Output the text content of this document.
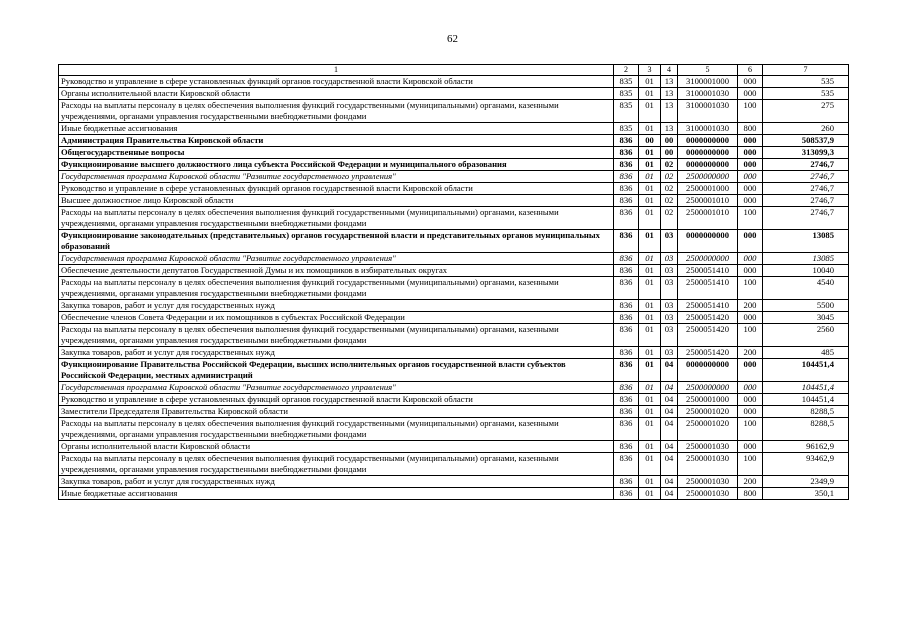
62
1	2	3	4	5	6	7
Руководство и управление в сфере установленных функций органов государственной власти Кировской области	835	01	13	3100001000	000	535
Органы исполнительной власти Кировской области	835	01	13	3100001030	000	535
Расходы на выплаты персоналу в целях обеспечения выполнения функций государственными (муниципальными) органами, казенными учреждениями, органами управления государственными внебюджетными фондами	835	01	13	3100001030	100	275
Иные бюджетные ассигнования	835	01	13	3100001030	800	260
Администрация Правительства Кировской области	836	00	00	0000000000	000	508537,9
Общегосударственные вопросы	836	01	00	0000000000	000	313099,3
Функционирование высшего должностного лица субъекта Российской Федерации и муниципального образования	836	01	02	0000000000	000	2746,7
Государственная программа Кировской области "Развитие государственного управления"	836	01	02	2500000000	000	2746,7
Руководство и управление в сфере установленных функций органов государственной власти Кировской области	836	01	02	2500001000	000	2746,7
Высшее должностное лицо Кировской области	836	01	02	2500001010	000	2746,7
Расходы на выплаты персоналу в целях обеспечения выполнения функций государственными (муниципальными) органами, казенными учреждениями, органами управления государственными внебюджетными фондами	836	01	02	2500001010	100	2746,7
Функционирование законодательных (представительных) органов государственной власти и представительных органов муниципальных образований	836	01	03	0000000000	000	13085
Государственная программа Кировской области "Развитие государственного управления"	836	01	03	2500000000	000	13085
Обеспечение деятельности депутатов Государственной Думы и их помощников в избирательных округах	836	01	03	2500051410	000	10040
Расходы на выплаты персоналу в целях обеспечения выполнения функций государственными (муниципальными) органами, казенными учреждениями, органами управления государственными внебюджетными фондами	836	01	03	2500051410	100	4540
Закупка товаров, работ и услуг для государственных нужд	836	01	03	2500051410	200	5500
Обеспечение членов Совета Федерации и их помощников в субъектах Российской Федерации	836	01	03	2500051420	000	3045
Расходы на выплаты персоналу в целях обеспечения выполнения функций государственными (муниципальными) органами, казенными учреждениями, органами управления государственными внебюджетными фондами	836	01	03	2500051420	100	2560
Закупка товаров, работ и услуг для государственных нужд	836	01	03	2500051420	200	485
Функционирование Правительства Российской Федерации, высших исполнительных органов государственной власти субъектов Российской Федерации, местных администраций	836	01	04	0000000000	000	104451,4
Государственная программа Кировской области "Развитие государственного управления"	836	01	04	2500000000	000	104451,4
Руководство и управление в сфере установленных функций органов государственной власти Кировской области	836	01	04	2500001000	000	104451,4
Заместители Председателя Правительства Кировской области	836	01	04	2500001020	000	8288,5
Расходы на выплаты персоналу в целях обеспечения выполнения функций государственными (муниципальными) органами, казенными учреждениями, органами управления государственными внебюджетными фондами	836	01	04	2500001020	100	8288,5
Органы исполнительной власти Кировской области	836	01	04	2500001030	000	96162,9
Расходы на выплаты персоналу в целях обеспечения выполнения функций государственными (муниципальными) органами, казенными учреждениями, органами управления государственными внебюджетными фондами	836	01	04	2500001030	100	93462,9
Закупка товаров, работ и услуг для государственных нужд	836	01	04	2500001030	200	2349,9
Иные бюджетные ассигнования	836	01	04	2500001030	800	350,1
